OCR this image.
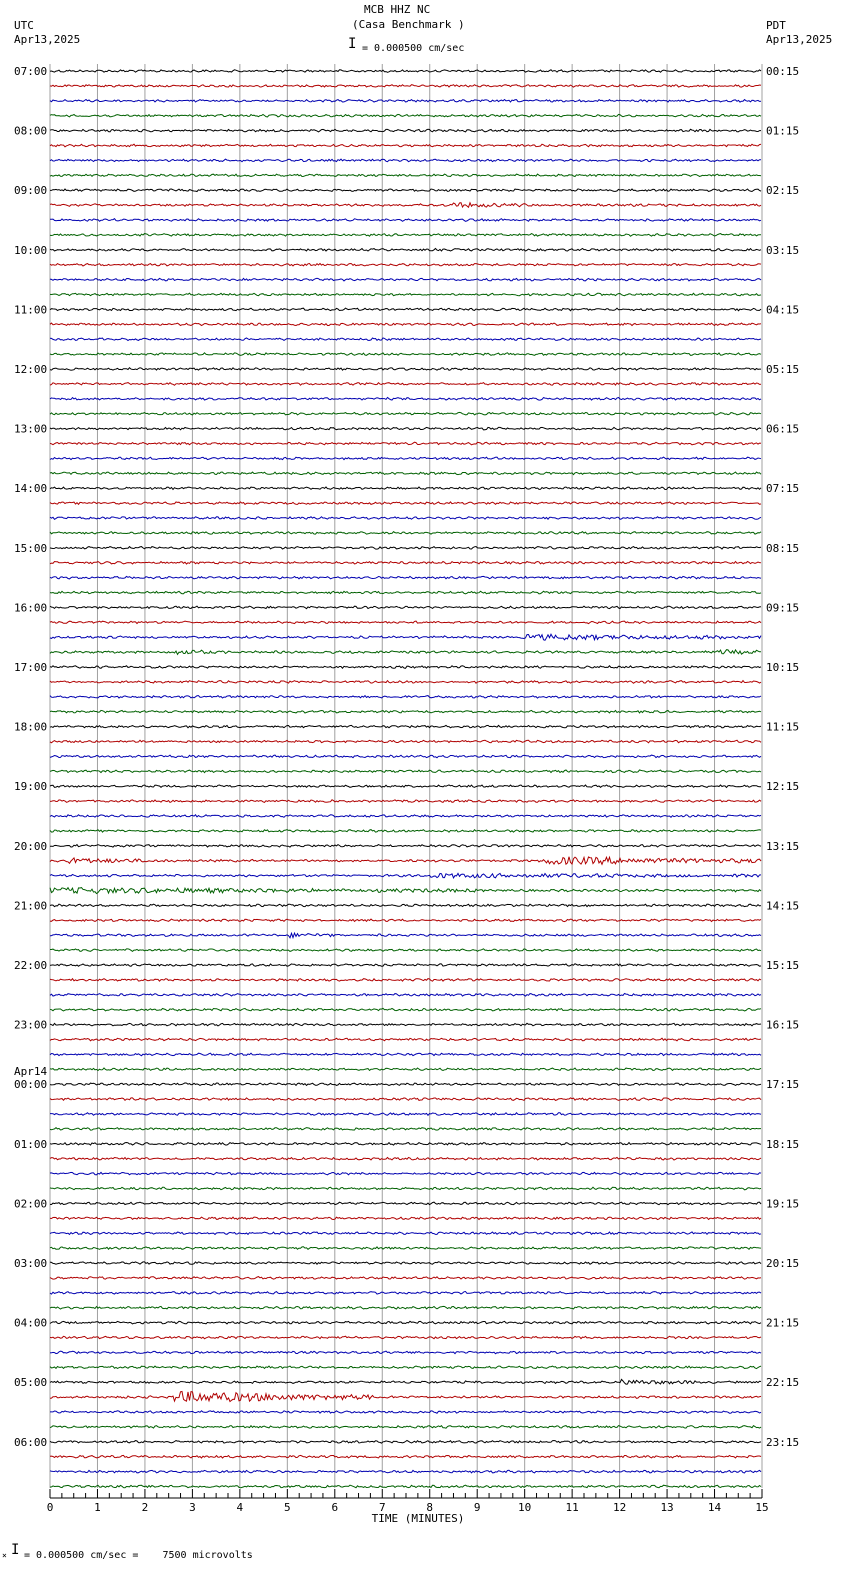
MCB HHZ NC
(Casa Benchmark )
I = 0.000500 cm/sec
UTC
Apr13,2025
PDT
Apr13,2025
× I = 0.000500 cm/sec =    7500 microvolts
0	1	2	3	4	5	6	7	8	9	10	11	12	13	14	15
TIME (MINUTES)
07:00
08:00
09:00
10:00
11:00
12:00
13:00
14:00
15:00
16:00
17:00
18:00
19:00
20:00
21:00
22:00
23:00
00:00
01:00
02:00
03:00
04:00
05:00
06:00
Apr14
00:15
01:15
02:15
03:15
04:15
05:15
06:15
07:15
08:15
09:15
10:15
11:15
12:15
13:15
14:15
15:15
16:15
17:15
18:15
19:15
20:15
21:15
22:15
23:15
